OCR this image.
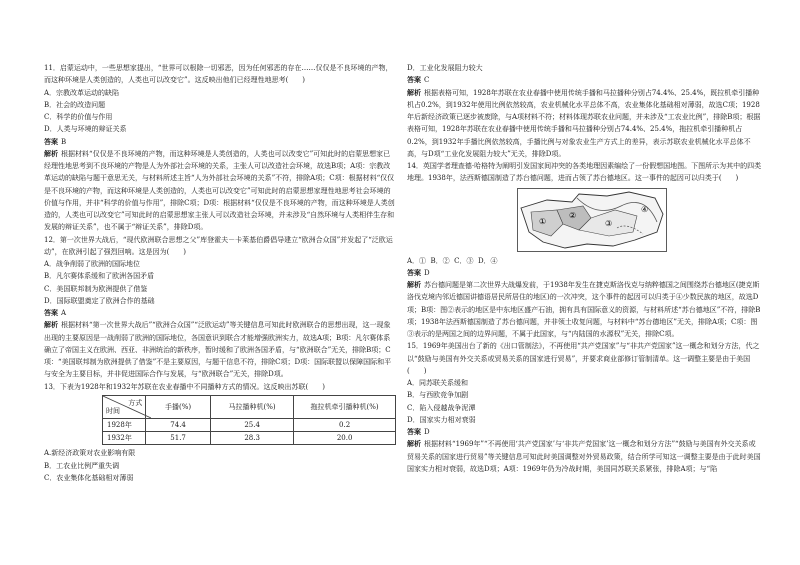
11．启蒙运动中，一些思想家提出，“世界可以根除一切邪恶，因为任何邪恶的存在……仅仅是不良环境的产物，而这种环境是人类创造的，人类也可以改变它”。这反映出他们已经理性地思考(　　)

A．宗教改革运动的缺陷

B．社会的改造问题

C．科学的价值与作用

D．人类与环境的辩证关系

答案 B

解析 根据材料“仅仅是不良环境的产物，而这种环境是人类创造的，人类也可以改变它”可知此时的启蒙思想家已经理性地思考到不良环境的产物是人为外部社会环境的关系，主张人可以改造社会环境，故选B项；A项：宗教改革运动的缺陷与题干意思无关，与材料所述主旨“人为外部社会环境的关系”不符，排除A项；C项：根据材料“仅仅是不良环境的产物，而这种环境是人类创造的，人类也可以改变它”可知此时的启蒙思想家理性地思考社会环境的价值与作用，并非“科学的价值与作用”，排除C项；D项：根据材料“仅仅是不良环境的产物，而这种环境是人类创造的，人类也可以改变它”可知此时的启蒙思想家主张人可以改造社会环境，并未涉及“自然环境与人类相伴生存和发展的辩证关系”，也不属于“辩证关系”，排除D项。

12．第一次世界大战后，“现代欧洲联合思想之父”库登霍夫－卡莱基伯爵倡导建立“欧洲合众国”并发起了“泛欧运动”，在欧洲引起了强烈回响。这是因为(　　)

A．战争削弱了欧洲的国际地位

B．凡尔赛体系缓和了欧洲各国矛盾

C．美国联邦制为欧洲提供了借鉴

D．国际联盟奠定了欧洲合作的基础

答案 A

解析 根据材料“第一次世界大战后”“欧洲合众国”“泛欧运动”等关键信息可知此时欧洲联合的思想出现，这一现象出现的主要原因是一战削弱了欧洲的国际地位，各国意识到联合才能增强欧洲实力，故选A项；B项：凡尔赛体系确立了帝国主义在欧洲、西亚、非洲统治的新秩序，暂时缓和了欧洲各国矛盾，与“欧洲联合”无关，排除B项；C项：“美国联邦制为欧洲提供了借鉴”不是主要原因，与题干信息不符，排除C项；D项：国际联盟以保障国际和平与安全为主要目标，并非促进国际合作与发展，与“欧洲联合”无关，排除D项。

13．下表为1928年和1932年苏联在农业春播中不同播种方式的情况。这反映出苏联(　　)

方式
时间	手播(%)	马拉播种机(%)	拖拉机牵引播种机(%)
1928年	74.4	25.4	0.2
1932年	51.7	28.3	20.0

A.新经济政策对农业影响有限

B．工农业比例严重失调

C．农业集体化基础相对薄弱

D．工业化发展阻力较大

答案 C

解析 根据表格可知，1928年苏联在农业春播中使用传统手播和马拉播种分别占74.4%、25.4%，既拉机牵引播种机占0.2%，到1932年使用比例依然较高，农业机械化水平总体不高，农业集体化基础相对薄弱，故选C项；1928年后新经济政策已逐步被废除，与A项材料不符；材料体现苏联农业问题，并未涉及“工农业比例”，排除B项；根据表格可知，1928年苏联在农业春播中使用传统手播和马拉播种分别占74.4%、25.4%，拖拉机牵引播种机占0.2%，到1932年手播比例依然较高，手播比例与对象农业生产方式上的差异，表示苏联农业机械化水平总体不高，与D项“工业化发展阻力较大”无关，排除D项。

14．英国学者理查德·哈格特为阐明引发国家间冲突的各类地理因素编绘了一份假想国地图。下图所示为其中的四类地理。1938年，法西斯德国制造了苏台德问题，进而占领了苏台德地区。这一事件的起因可以归类于(　　)

①
②
③
④

A．① B．② C．③ D．④

答案 D

解析 苏台德问题是第二次世界大战爆发前，于1938年发生在捷克斯洛伐克与纳粹德国之间围绕苏台德地区(捷克斯洛伐克境内邻近德国讲德语居民所居住的地区)的一次冲突，这个事件的起因可以归类于④少数民族的地区，故选D项；B项：图②表示的地区是中东地区盛产石油，拥有具有国际意义的资源，与材料所述“苏台德地区”不符，排除B项；1938年法西斯德国制造了苏台德问题，并非领土收复问题，与材料中“苏台德地区”无关，排除A项；C项：图③表示的是两国之间的边界问题，不属于此国家，与“内陆国的水源权”无关，排除C项。

15．1969年美国出台了新的《出口管制法》，不再使用“共产党国家”与“非共产党国家”这一概念和划分方法，代之以“鼓励与美国有外交关系或贸易关系的国家进行贸易”，并要求商业部修订管制清单。这一调整主要是由于美国(　　)

A．同苏联关系缓和

B．与西欧竞争加剧

C．陷入侵越战争泥潭

D．国家实力相对衰弱

答案 D

解析 根据材料“1969年”“不再使用‘共产党国家’与‘非共产党国家’这一概念和划分方法”“鼓励与美国有外交关系或贸易关系的国家进行贸易”等关键信息可知此时美国调整对外贸易政策，结合所学可知这一调整主要是由于此时美国国家实力相对衰弱，故选D项；A项：1969年仍为冷战时期，美国同苏联关系紧张，排除A项；与“陷
